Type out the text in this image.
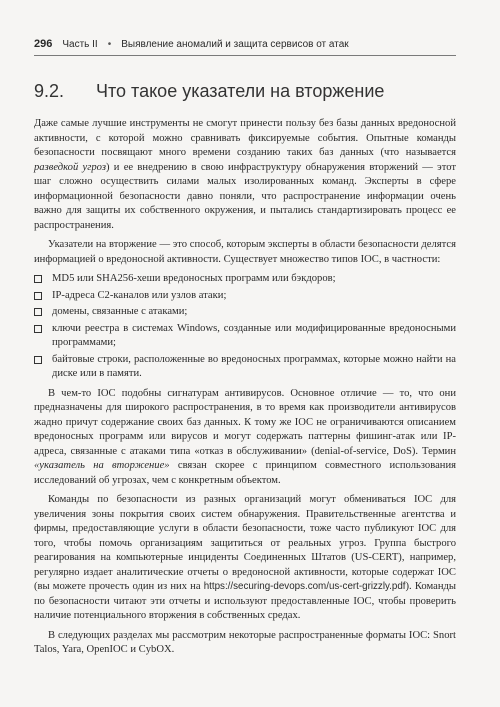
296 Часть II • Выявление аномалий и защита сервисов от атак
9.2.	Что такое указатели на вторжение

Даже самые лучшие инструменты не смогут принести пользу без базы данных вредоносной активности, с которой можно сравнивать фиксируемые события. Опытные команды безопасности посвящают много времени созданию таких баз данных (что называется разведкой угроз) и ее внедрению в свою инфраструктуру обнаружения вторжений — этот шаг сложно осуществить силами малых изолированных команд. Эксперты в сфере информационной безопасности давно поняли, что распространение информации очень важно для защиты их собственного окружения, и пытались стандартизировать процесс ее распространения.

Указатели на вторжение — это способ, которым эксперты в области безопасности делятся информацией о вредоносной активности. Существует множество типов IOC, в частности:

MD5 или SHA256-хеши вредоносных программ или бэкдоров;
IP-адреса C2-каналов или узлов атаки;
домены, связанные с атаками;
ключи реестра в системах Windows, созданные или модифицированные вредоносными программами;
байтовые строки, расположенные во вредоносных программах, которые можно найти на диске или в памяти.

В чем-то IOC подобны сигнатурам антивирусов. Основное отличие — то, что они предназначены для широкого распространения, в то время как производители антивирусов жадно причут содержание своих баз данных. К тому же IOC не ограничиваются описанием вредоносных программ или вирусов и могут содержать паттерны фишинг-атак или IP-адреса, связанные с атаками типа «отказ в обслуживании» (denial-of-service, DoS). Термин «указатель на вторжение» связан скорее с принципом совместного использования исследований об угрозах, чем с конкретным объектом.

Команды по безопасности из разных организаций могут обмениваться IOC для увеличения зоны покрытия своих систем обнаружения. Правительственные агентства и фирмы, предоставляющие услуги в области безопасности, тоже часто публикуют IOC для того, чтобы помочь организациям защититься от реальных угроз. Группа быстрого реагирования на компьютерные инциденты Соединенных Штатов (US-CERT), например, регулярно издает аналитические отчеты о вредоносной активности, которые содержат IOC (вы можете прочесть один из них на https://securing-devops.com/us-cert-grizzly.pdf). Команды по безопасности читают эти отчеты и используют предоставленные IOC, чтобы проверить наличие потенциального вторжения в собственных средах.

В следующих разделах мы рассмотрим некоторые распространенные форматы IOC: Snort Talos, Yara, OpenIOC и CybOX.
